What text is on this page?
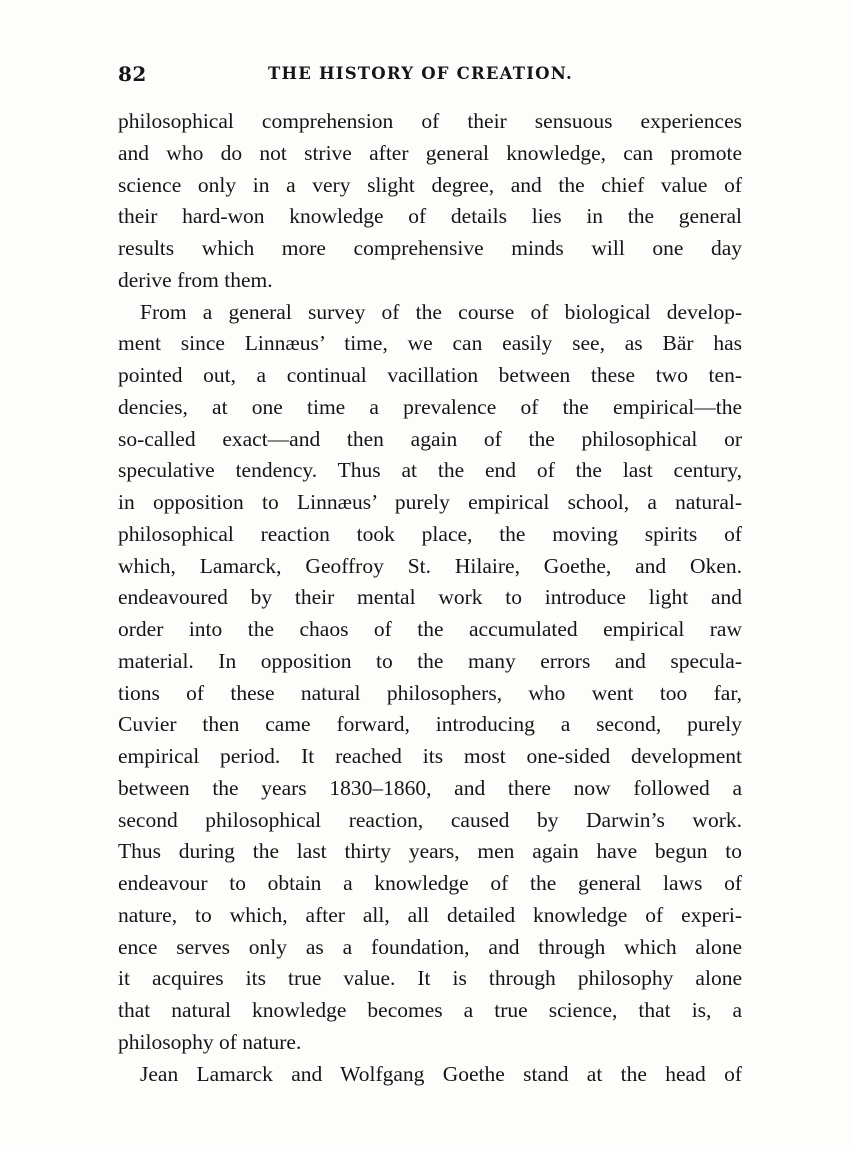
82	THE HISTORY OF CREATION.
philosophical comprehension of their sensuous experiences
and who do not strive after general knowledge, can promote
science only in a very slight degree, and the chief value of
their hard-won knowledge of details lies in the general
results which more comprehensive minds will one day
derive from them.
From a general survey of the course of biological develop-
ment since Linnæus’ time, we can easily see, as Bär has
pointed out, a continual vacillation between these two ten-
dencies, at one time a prevalence of the empirical—the
so-called exact—and then again of the philosophical or
speculative tendency. Thus at the end of the last century,
in opposition to Linnæus’ purely empirical school, a natural-
philosophical reaction took place, the moving spirits of
which, Lamarck, Geoffroy St. Hilaire, Goethe, and Oken.
endeavoured by their mental work to introduce light and
order into the chaos of the accumulated empirical raw
material. In opposition to the many errors and specula-
tions of these natural philosophers, who went too far,
Cuvier then came forward, introducing a second, purely
empirical period. It reached its most one-sided development
between the years 1830–1860, and there now followed a
second philosophical reaction, caused by Darwin’s work.
Thus during the last thirty years, men again have begun to
endeavour to obtain a knowledge of the general laws of
nature, to which, after all, all detailed knowledge of experi-
ence serves only as a foundation, and through which alone
it acquires its true value. It is through philosophy alone
that natural knowledge becomes a true science, that is, a
philosophy of nature.
Jean Lamarck and Wolfgang Goethe stand at the head of
